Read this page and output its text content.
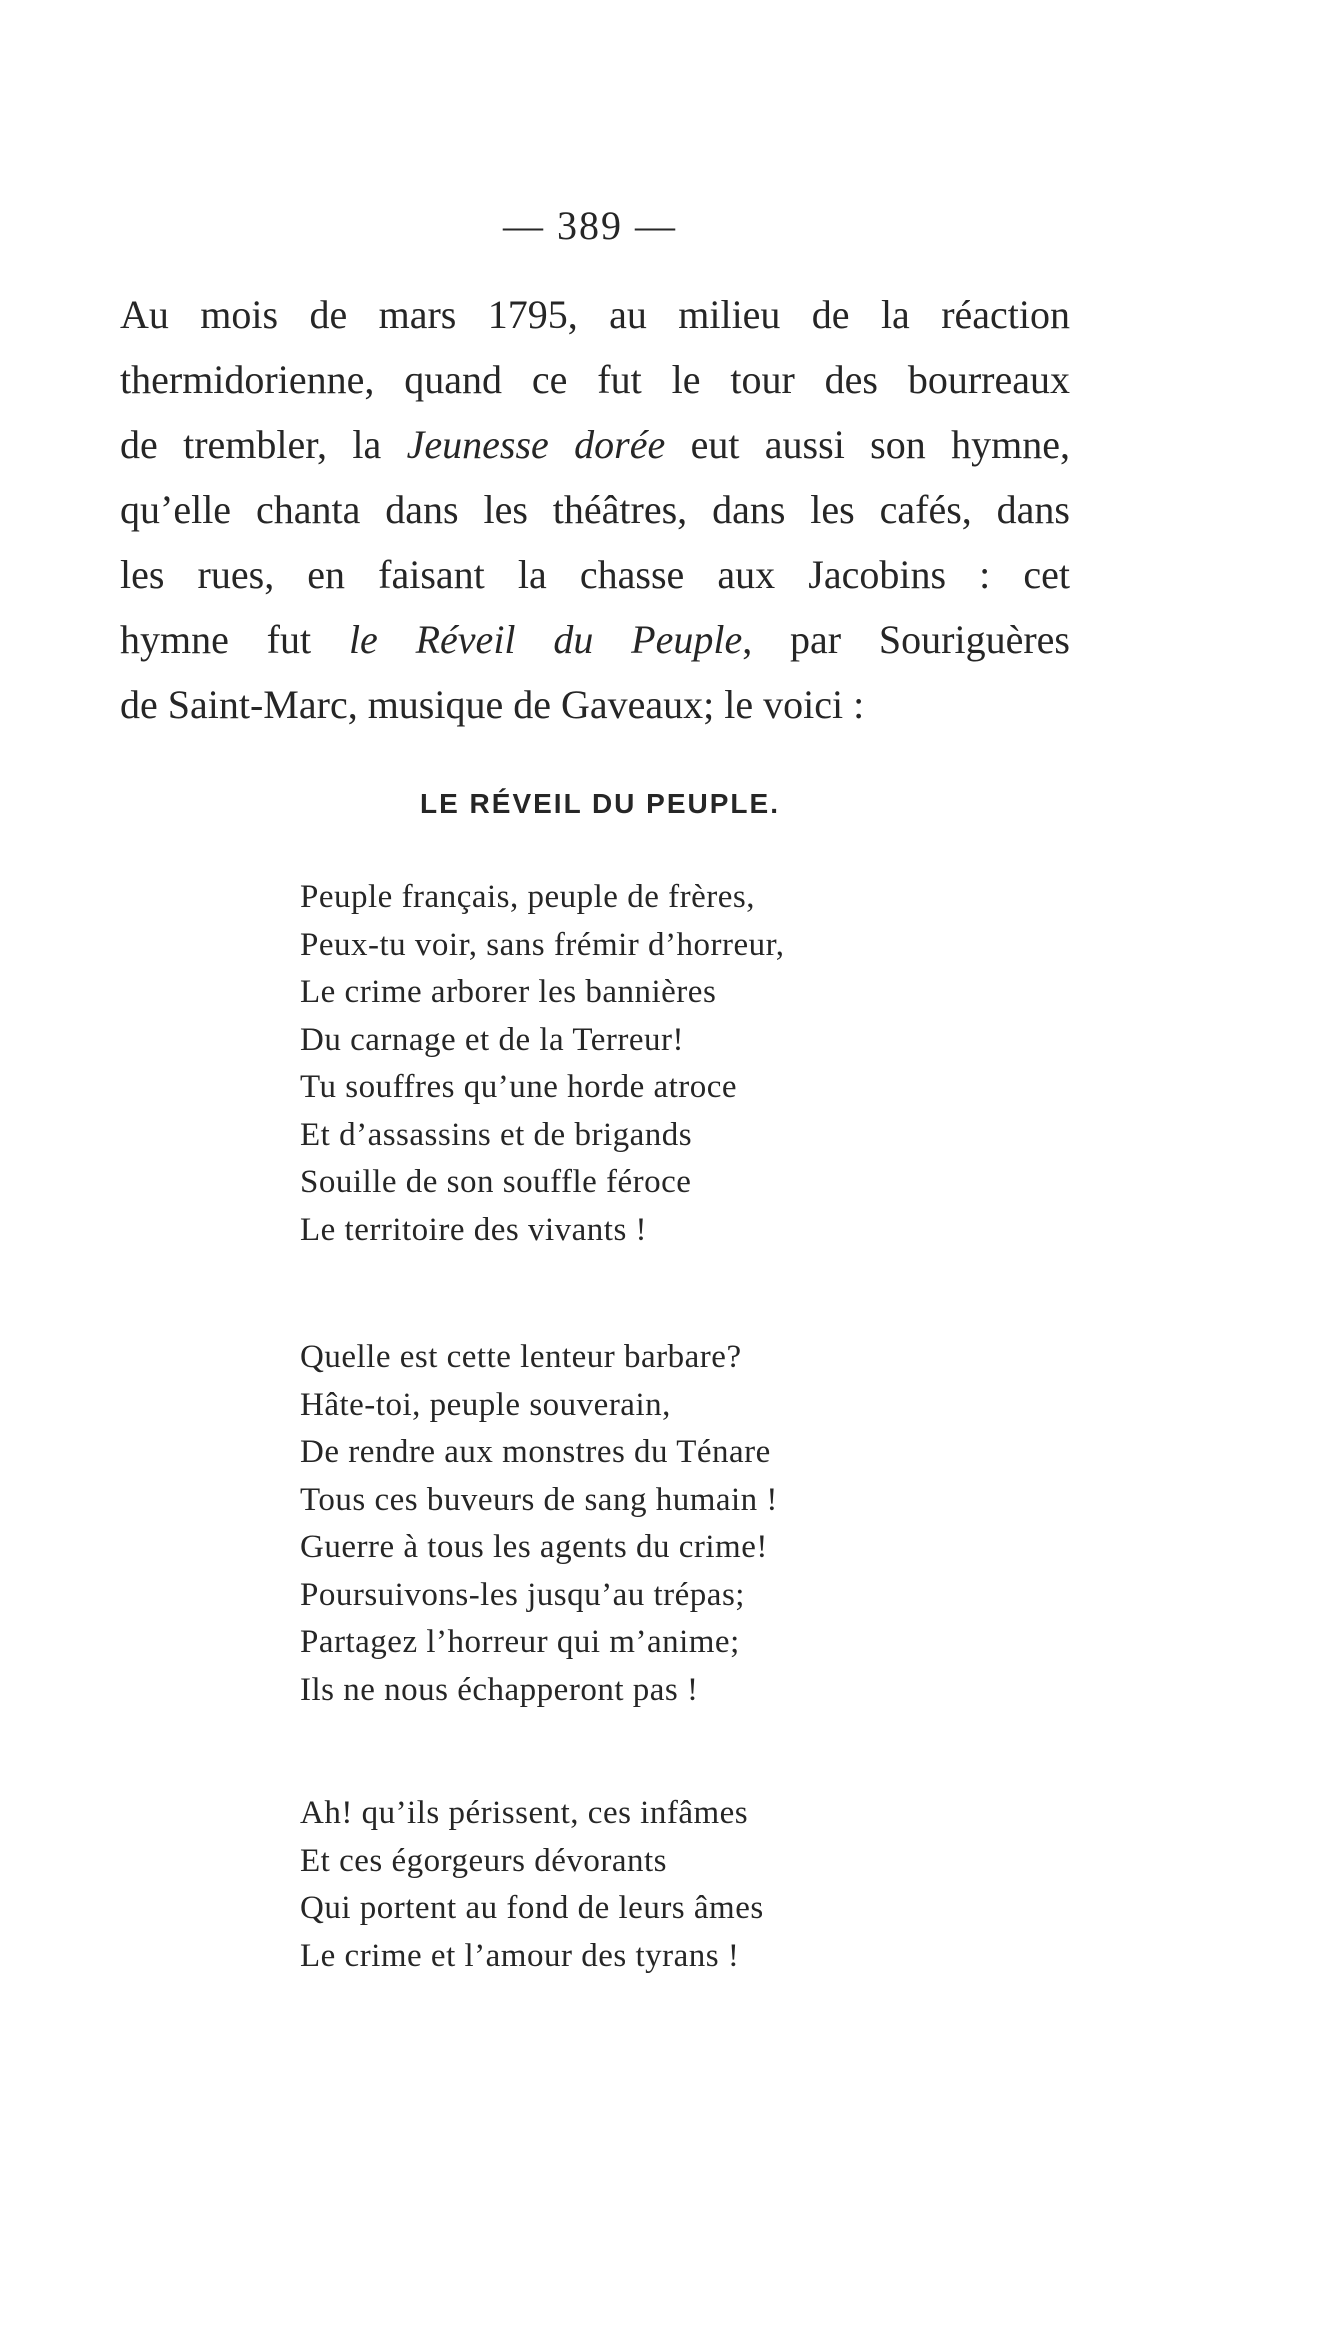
— 389 —
Au mois de mars 1795, au milieu de la réaction
thermidorienne, quand ce fut le tour des bourreaux
de trembler, la Jeunesse dorée eut aussi son hymne,
qu’elle chanta dans les théâtres, dans les cafés, dans
les rues, en faisant la chasse aux Jacobins : cet
hymne fut le Réveil du Peuple, par Souriguères
de Saint-Marc, musique de Gaveaux; le voici :
LE RÉVEIL DU PEUPLE.
Peuple français, peuple de frères,
Peux-tu voir, sans frémir d’horreur,
Le crime arborer les bannières
Du carnage et de la Terreur!
Tu souffres qu’une horde atroce
Et d’assassins et de brigands
Souille de son souffle féroce
Le territoire des vivants !
Quelle est cette lenteur barbare?
Hâte-toi, peuple souverain,
De rendre aux monstres du Ténare
Tous ces buveurs de sang humain !
Guerre à tous les agents du crime!
Poursuivons-les jusqu’au trépas;
Partagez l’horreur qui m’anime;
Ils ne nous échapperont pas !
Ah! qu’ils périssent, ces infâmes
Et ces égorgeurs dévorants
Qui portent au fond de leurs âmes
Le crime et l’amour des tyrans !
